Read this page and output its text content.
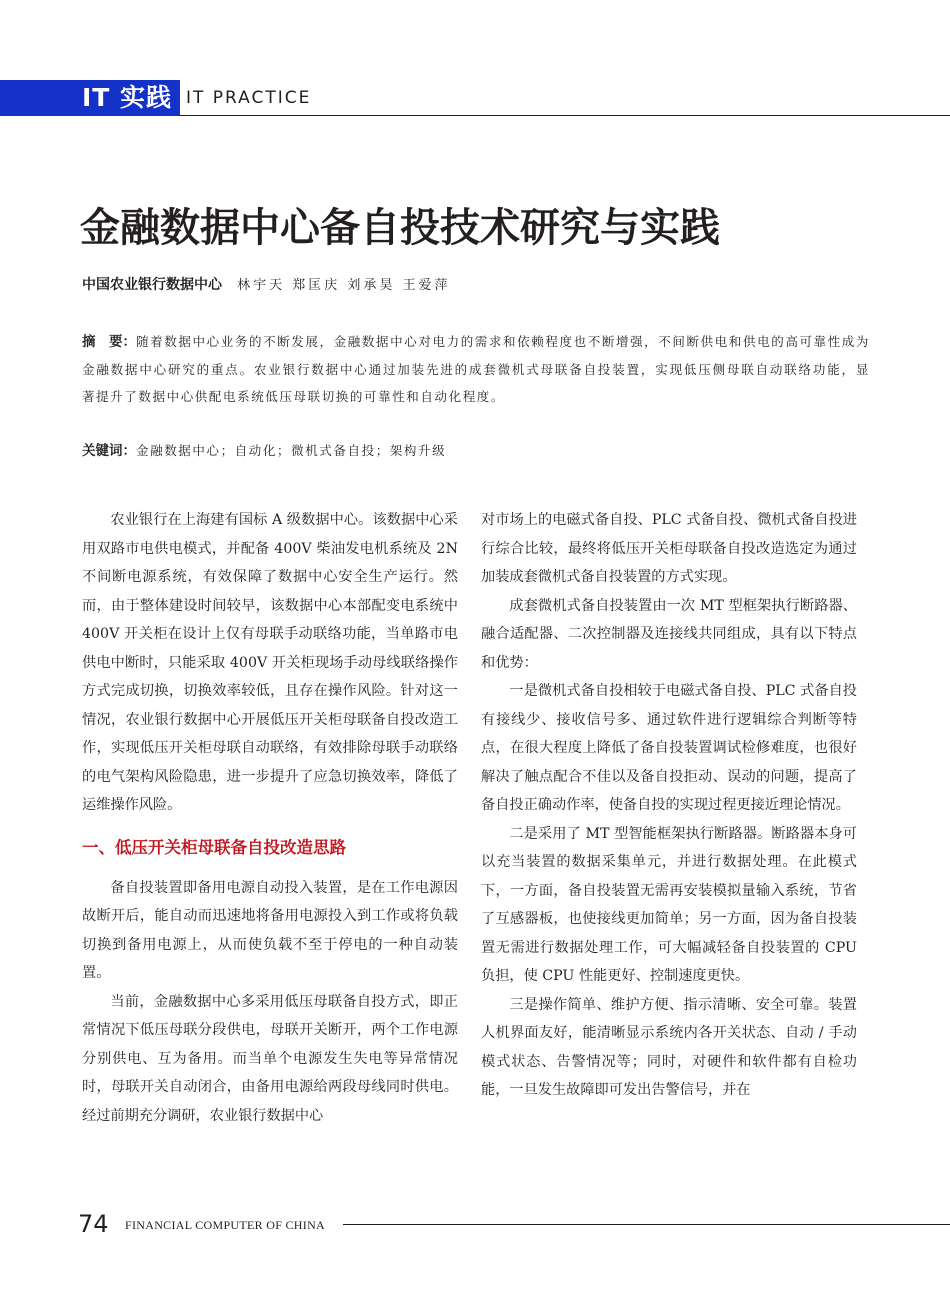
IT 实践 IT PRACTICE
金融数据中心备自投技术研究与实践
中国农业银行数据中心 林宇天 郑匡庆 刘承昊 王爱萍
摘　要：随着数据中心业务的不断发展，金融数据中心对电力的需求和依赖程度也不断增强，不间断供电和供电的高可靠性成为金融数据中心研究的重点。农业银行数据中心通过加装先进的成套微机式母联备自投装置，实现低压侧母联自动联络功能，显著提升了数据中心供配电系统低压母联切换的可靠性和自动化程度。
关键词：金融数据中心；自动化；微机式备自投；架构升级

农业银行在上海建有国标 A 级数据中心。该数据中心采用双路市电供电模式，并配备 400V 柴油发电机系统及 2N 不间断电源系统，有效保障了数据中心安全生产运行。然而，由于整体建设时间较早，该数据中心本部配变电系统中 400V 开关柜在设计上仅有母联手动联络功能，当单路市电供电中断时，只能采取 400V 开关柜现场手动母线联络操作方式完成切换，切换效率较低，且存在操作风险。针对这一情况，农业银行数据中心开展低压开关柜母联备自投改造工作，实现低压开关柜母联自动联络，有效排除母联手动联络的电气架构风险隐患，进一步提升了应急切换效率，降低了运维操作风险。

一、低压开关柜母联备自投改造思路

备自投装置即备用电源自动投入装置，是在工作电源因故断开后，能自动而迅速地将备用电源投入到工作或将负载切换到备用电源上，从而使负载不至于停电的一种自动装置。

当前，金融数据中心多采用低压母联备自投方式，即正常情况下低压母联分段供电，母联开关断开，两个工作电源分别供电、互为备用。而当单个电源发生失电等异常情况时，母联开关自动闭合，由备用电源给两段母线同时供电。经过前期充分调研，农业银行数据中心

对市场上的电磁式备自投、PLC 式备自投、微机式备自投进行综合比较，最终将低压开关柜母联备自投改造选定为通过加装成套微机式备自投装置的方式实现。

成套微机式备自投装置由一次 MT 型框架执行断路器、融合适配器、二次控制器及连接线共同组成，具有以下特点和优势：

一是微机式备自投相较于电磁式备自投、PLC 式备自投有接线少、接收信号多、通过软件进行逻辑综合判断等特点，在很大程度上降低了备自投装置调试检修难度，也很好解决了触点配合不佳以及备自投拒动、误动的问题，提高了备自投正确动作率，使备自投的实现过程更接近理论情况。

二是采用了 MT 型智能框架执行断路器。断路器本身可以充当装置的数据采集单元，并进行数据处理。在此模式下，一方面，备自投装置无需再安装模拟量输入系统，节省了互感器板，也使接线更加简单；另一方面，因为备自投装置无需进行数据处理工作，可大幅减轻备自投装置的 CPU 负担，使 CPU 性能更好、控制速度更快。

三是操作简单、维护方便、指示清晰、安全可靠。装置人机界面友好，能清晰显示系统内各开关状态、自动 / 手动模式状态、告警情况等；同时，对硬件和软件都有自检功能，一旦发生故障即可发出告警信号，并在

74 FINANCIAL COMPUTER OF CHINA
